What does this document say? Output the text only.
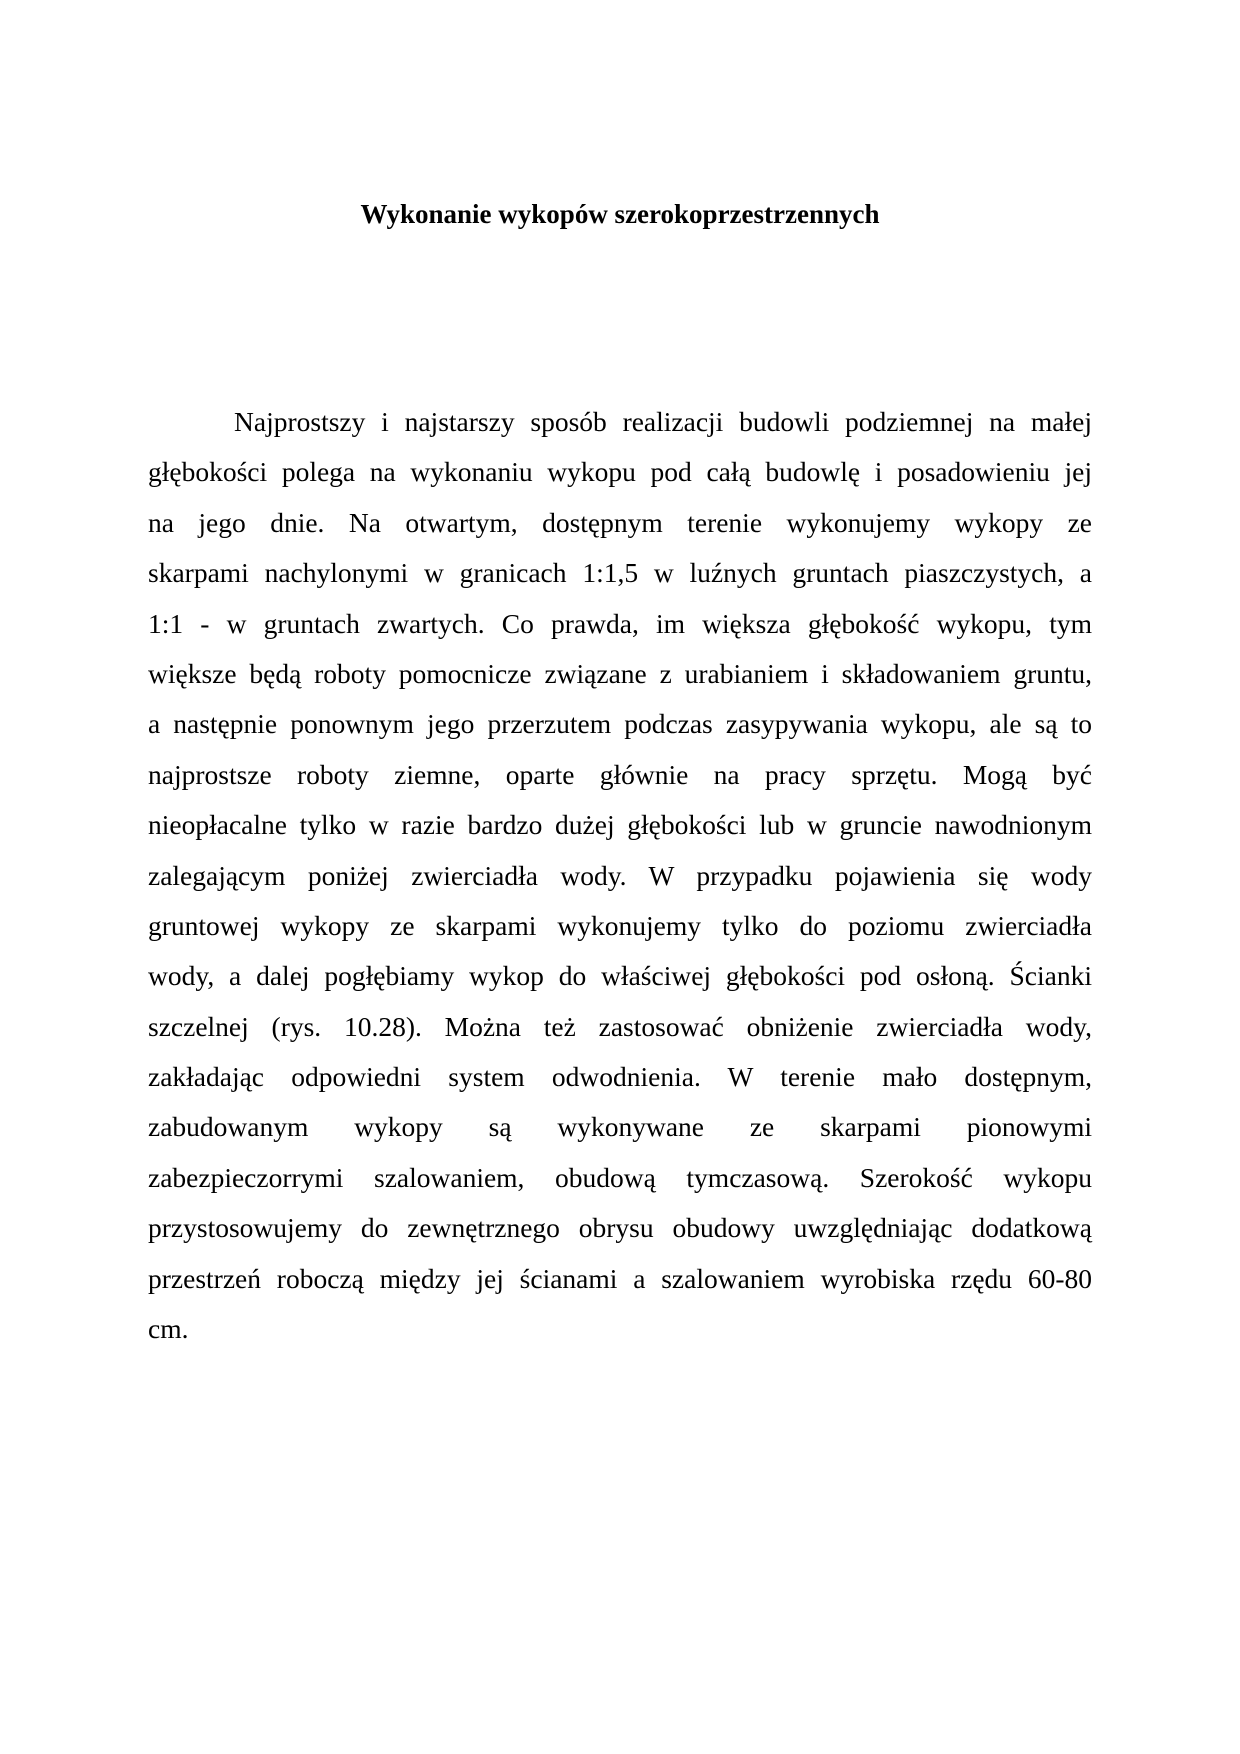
Wykonanie wykopów szerokoprzestrzennych
Najprostszy i najstarszy sposób realizacji budowli podziemnej na małej
głębokości polega na wykonaniu wykopu pod całą budowlę i posadowieniu jej
na jego dnie. Na otwartym, dostępnym terenie wykonujemy wykopy ze
skarpami nachylonymi w granicach 1:1,5 w luźnych gruntach piaszczystych, a
1:1 - w gruntach zwartych. Co prawda, im większa głębokość wykopu, tym
większe będą roboty pomocnicze związane z urabianiem i składowaniem gruntu,
a następnie ponownym jego przerzutem podczas zasypywania wykopu, ale są to
najprostsze roboty ziemne, oparte głównie na pracy sprzętu. Mogą być
nieopłacalne tylko w razie bardzo dużej głębokości lub w gruncie nawodnionym
zalegającym poniżej zwierciadła wody. W przypadku pojawienia się wody
gruntowej wykopy ze skarpami wykonujemy tylko do poziomu zwierciadła
wody, a dalej pogłębiamy wykop do właściwej głębokości pod osłoną. Ścianki
szczelnej (rys. 10.28). Można też zastosować obniżenie zwierciadła wody,
zakładając odpowiedni system odwodnienia. W terenie mało dostępnym,
zabudowanym wykopy są wykonywane ze skarpami pionowymi
zabezpieczorrymi szalowaniem, obudową tymczasową. Szerokość wykopu
przystosowujemy do zewnętrznego obrysu obudowy uwzględniając dodatkową
przestrzeń roboczą między jej ścianami a szalowaniem wyrobiska rzędu 60-80
cm.
